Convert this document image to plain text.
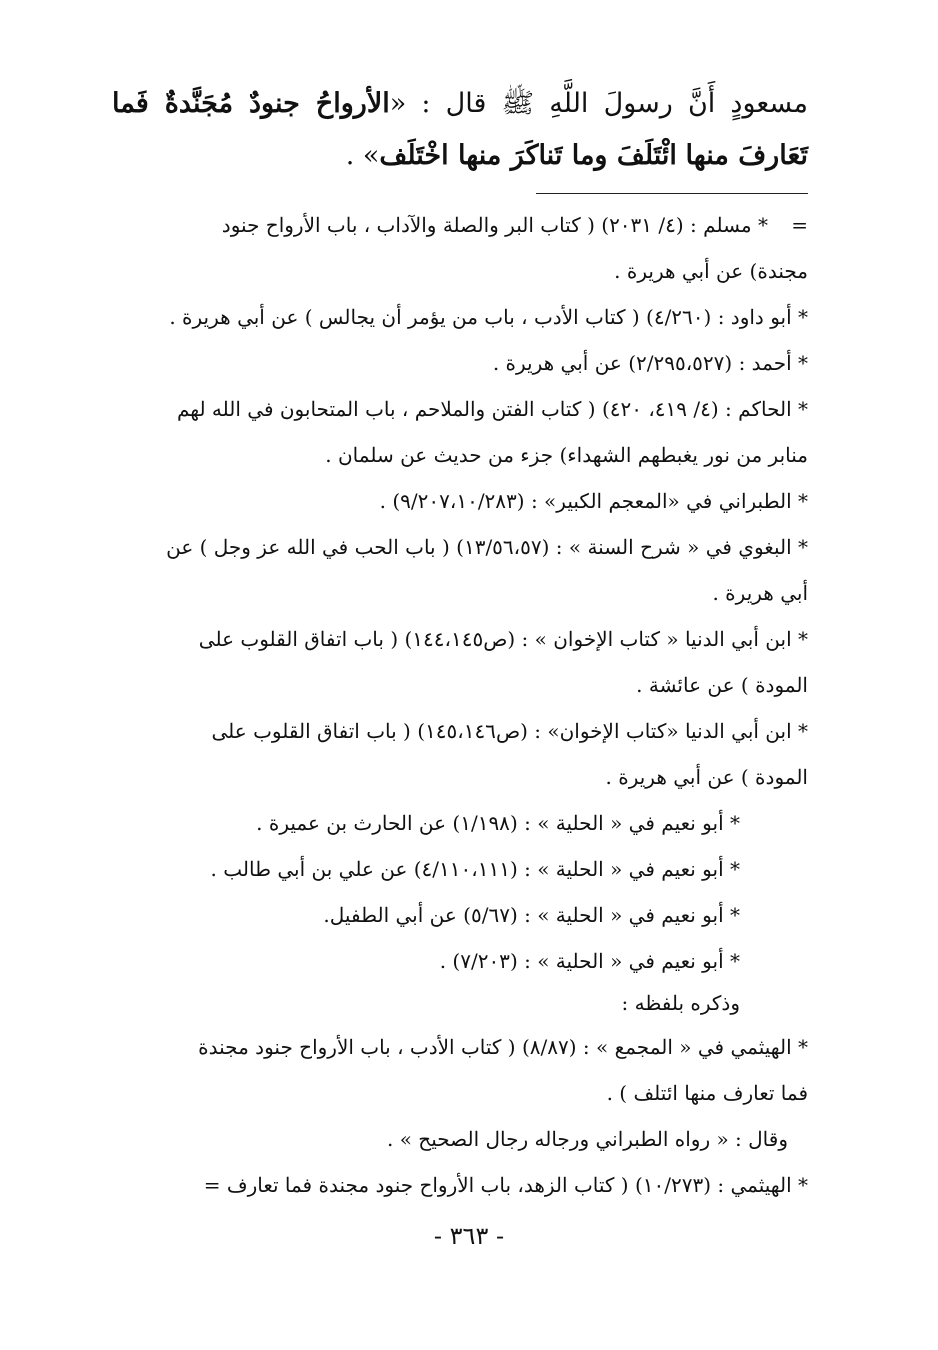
مسعودٍ أَنَّ رسولَ اللَّهِ ﷺ قال : «الأرواحُ جنودٌ مُجَنَّدةٌ فَما تَعَارفَ منها ائْتَلَفَ وما تَناكَرَ منها اخْتَلَف» .
=
* مسلم : (٤/ ٢٠٣١) ( كتاب البر والصلة والآداب ، باب الأرواح جنود
مجندة) عن أبي هريرة .
* أبو داود : (٤/٢٦٠) ( كتاب الأدب ، باب من يؤمر أن يجالس ) عن أبي هريرة .
* أحمد : (٢/٢٩٥،٥٢٧) عن أبي هريرة .
* الحاكم : (٤/ ٤١٩، ٤٢٠) ( كتاب الفتن والملاحم ، باب المتحابون في الله لهم
منابر من نور يغبطهم الشهداء) جزء من حديث عن سلمان .
* الطبراني في «المعجم الكبير» : (٩/٢٠٧،١٠/٢٨٣) .
* البغوي في « شرح السنة » : (١٣/٥٦،٥٧) ( باب الحب في الله عز وجل ) عن
أبي هريرة .
* ابن أبي الدنيا « كتاب الإخوان » : (ص١٤٤،١٤٥) ( باب اتفاق القلوب على
المودة ) عن عائشة .
* ابن أبي الدنيا «كتاب الإخوان» : (ص١٤٥،١٤٦) ( باب اتفاق القلوب على
المودة ) عن أبي هريرة .
* أبو نعيم في « الحلية » : (١/١٩٨) عن الحارث بن عميرة .
* أبو نعيم في « الحلية » : (٤/١١٠،١١١) عن علي بن أبي طالب .
* أبو نعيم في « الحلية » : (٥/٦٧) عن أبي الطفيل.
* أبو نعيم في « الحلية » : (٧/٢٠٣) .
وذكره بلفظه :
* الهيثمي في « المجمع » : (٨/٨٧) ( كتاب الأدب ، باب الأرواح جنود مجندة
فما تعارف منها ائتلف ) .
وقال : « رواه الطبراني ورجاله رجال الصحيح » .
* الهيثمي : (١٠/٢٧٣) ( كتاب الزهد، باب الأرواح جنود مجندة فما تعارف =
- ٣٦٣ -
